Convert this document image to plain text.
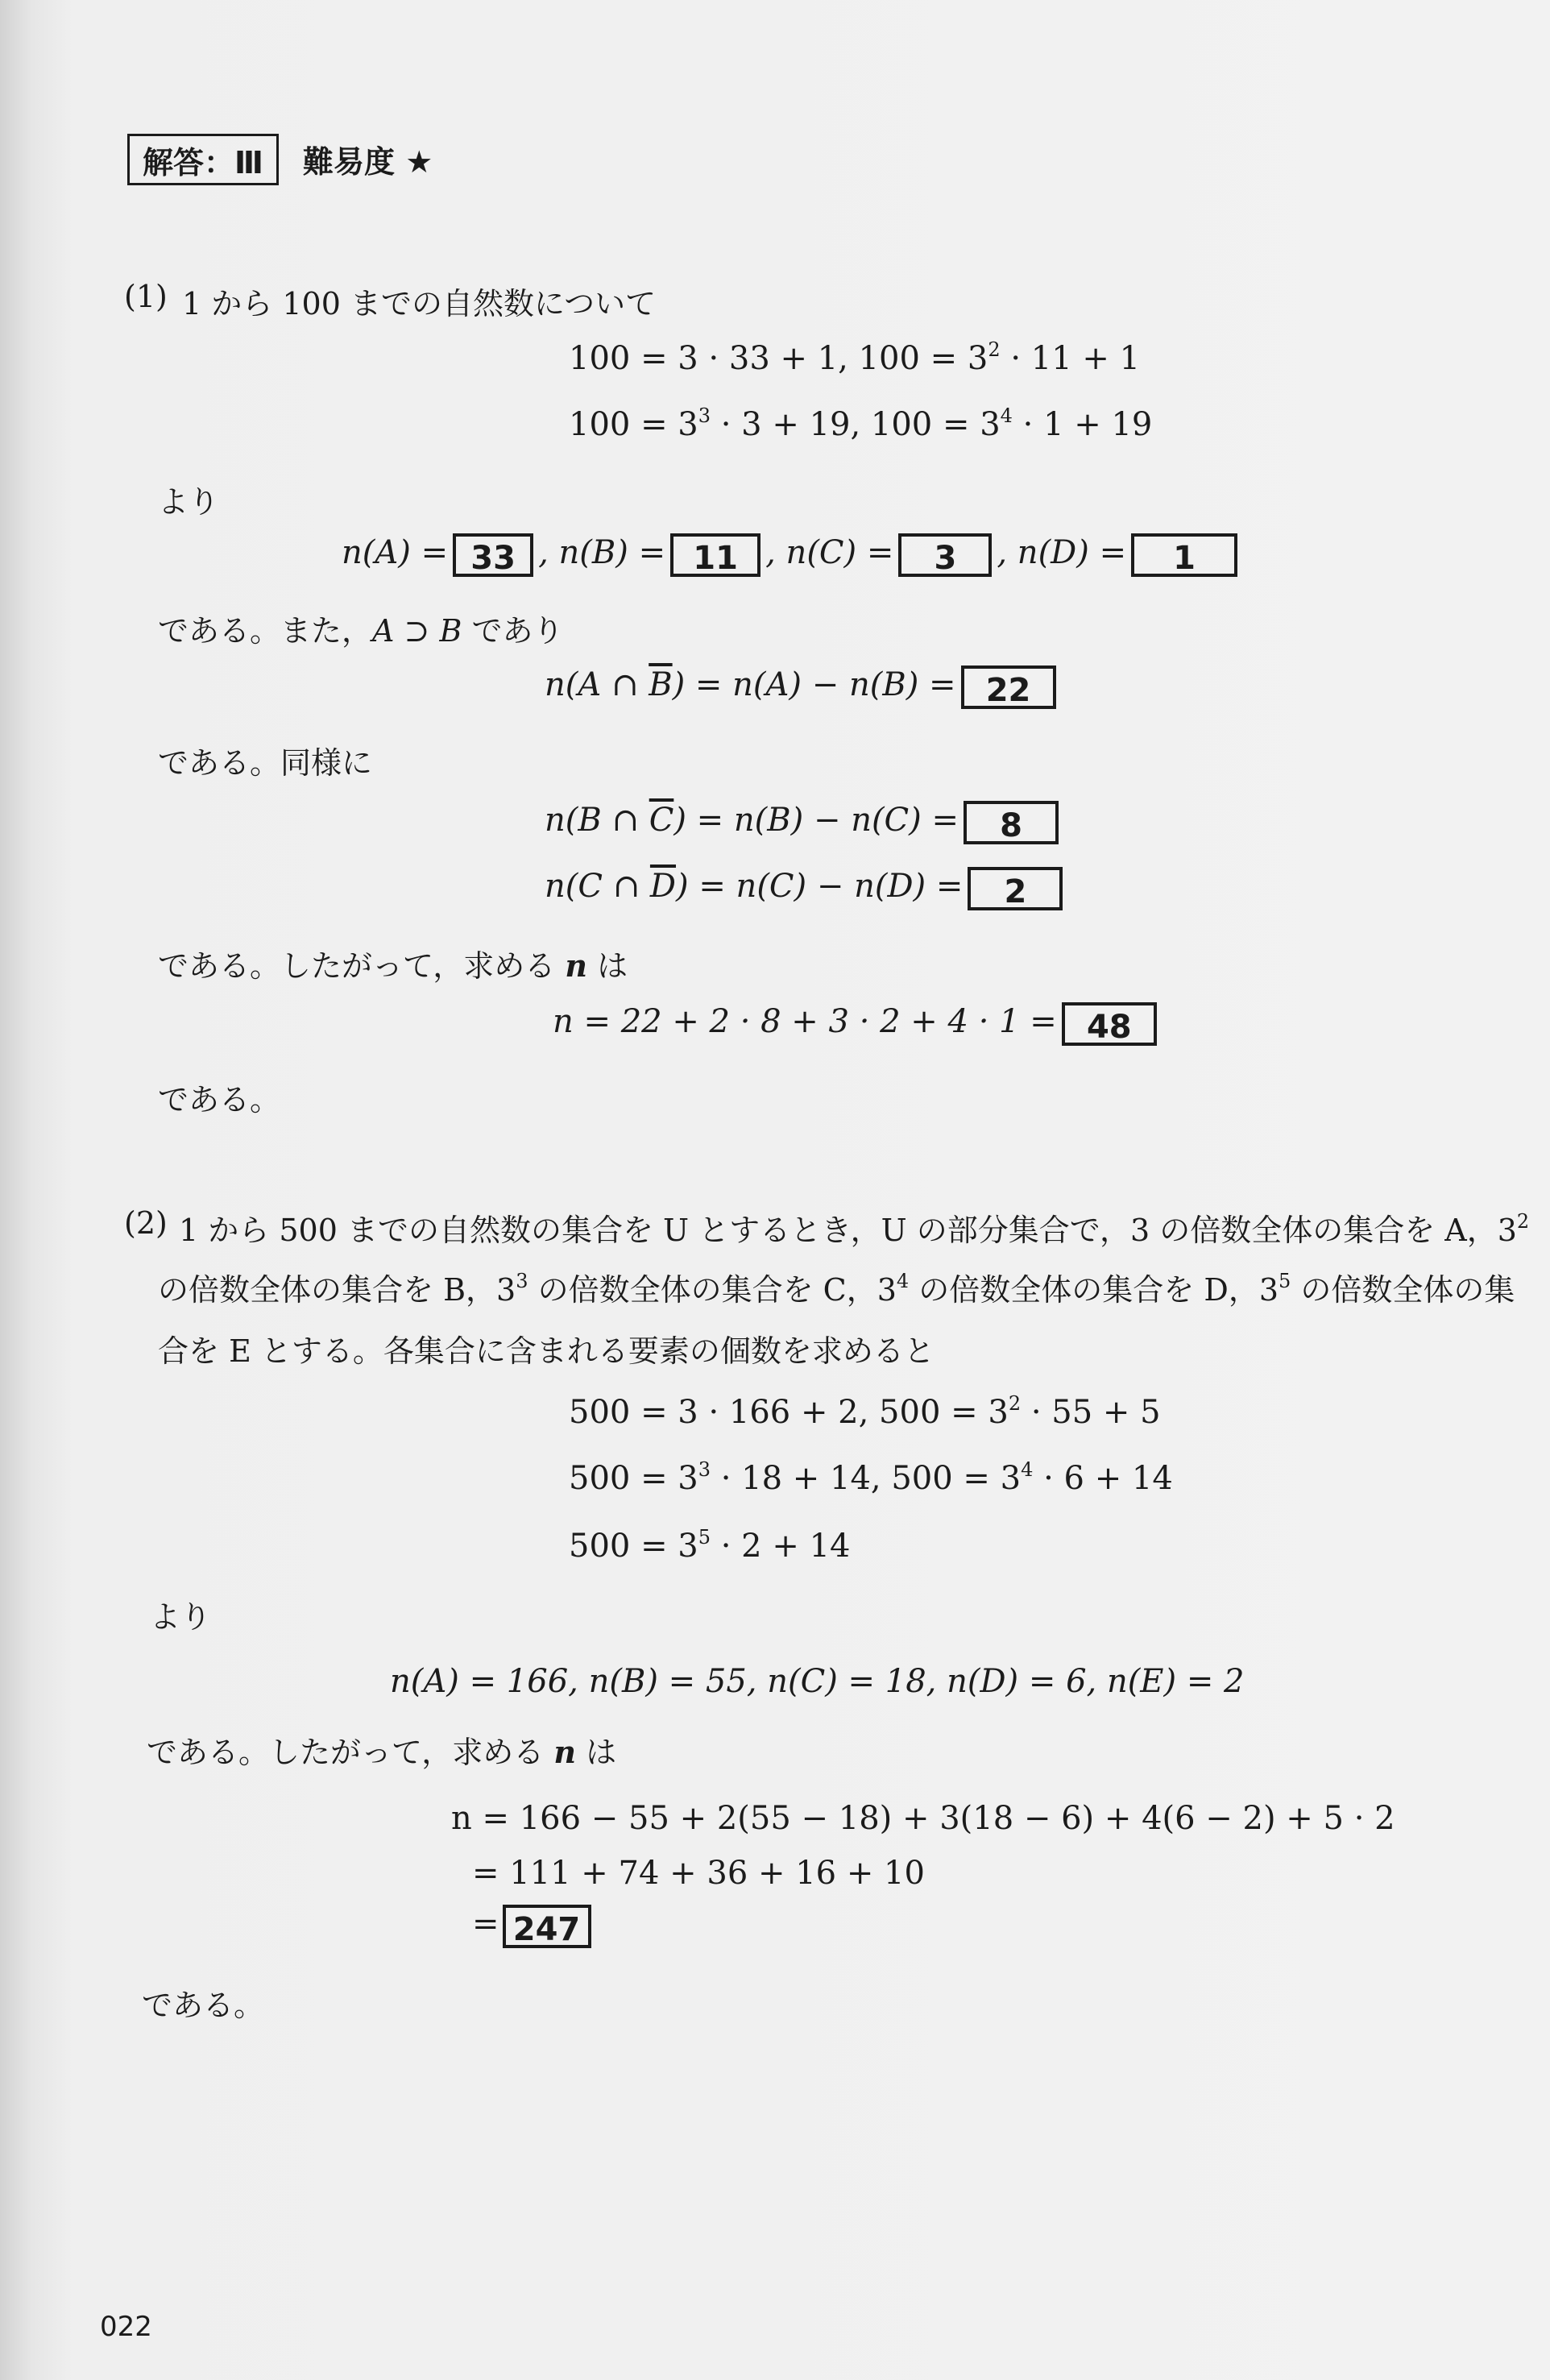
解答：Ⅲ 難易度 ★
(1) 1 から 100 までの自然数について
100 = 3 · 33 + 1, $100 = 3^2 \cdot 11 + 1$
$100 = 3^3 \cdot 3 + 19$, $100 = 3^4 \cdot 1 + 19$
より
n(A) = 33 , n(B) = 11 , n(C) = 3 , n(D) = 1
である。また，A ⊃ B であり
n(A ∩ $\overline{B}) = n(A) - n(B) = 22$
である。同様に
n(B ∩ $\overline{C}) = n(B) - n(C) = 8$
n(C ∩ $\overline{D}) = n(C) - n(D) = 2$
である。したがって，求める n は
n = 22 + 2 · 8 + 3 · 2 + 4 · 1 = 48
である。
(2) 1 から 500 までの自然数の集合を U とするとき，U の部分集合で，3 の倍数全体の集合を A，$3^2$
の倍数全体の集合を B，$3^3$ の倍数全体の集合を C，$3^4$ の倍数全体の集合を D，$3^5$ の倍数全体の集
合を E とする。各集合に含まれる要素の個数を求めると
500 = 3 · 166 + 2, $500 = 3^2 \cdot 55 + 5$
$500 = 3^3 \cdot 18 + 14$, $500 = 3^4 \cdot 6 + 14$
$500 = 3^5 \cdot 2 + 14$
より
n(A) = 166, n(B) = 55, n(C) = 18, n(D) = 6, n(E) = 2
である。したがって，求める n は
n = 166 − 55 + 2(55 − 18) + 3(18 − 6) + 4(6 − 2) + 5 · 2
= 111 + 74 + 36 + 16 + 10
= 247
である。
022
